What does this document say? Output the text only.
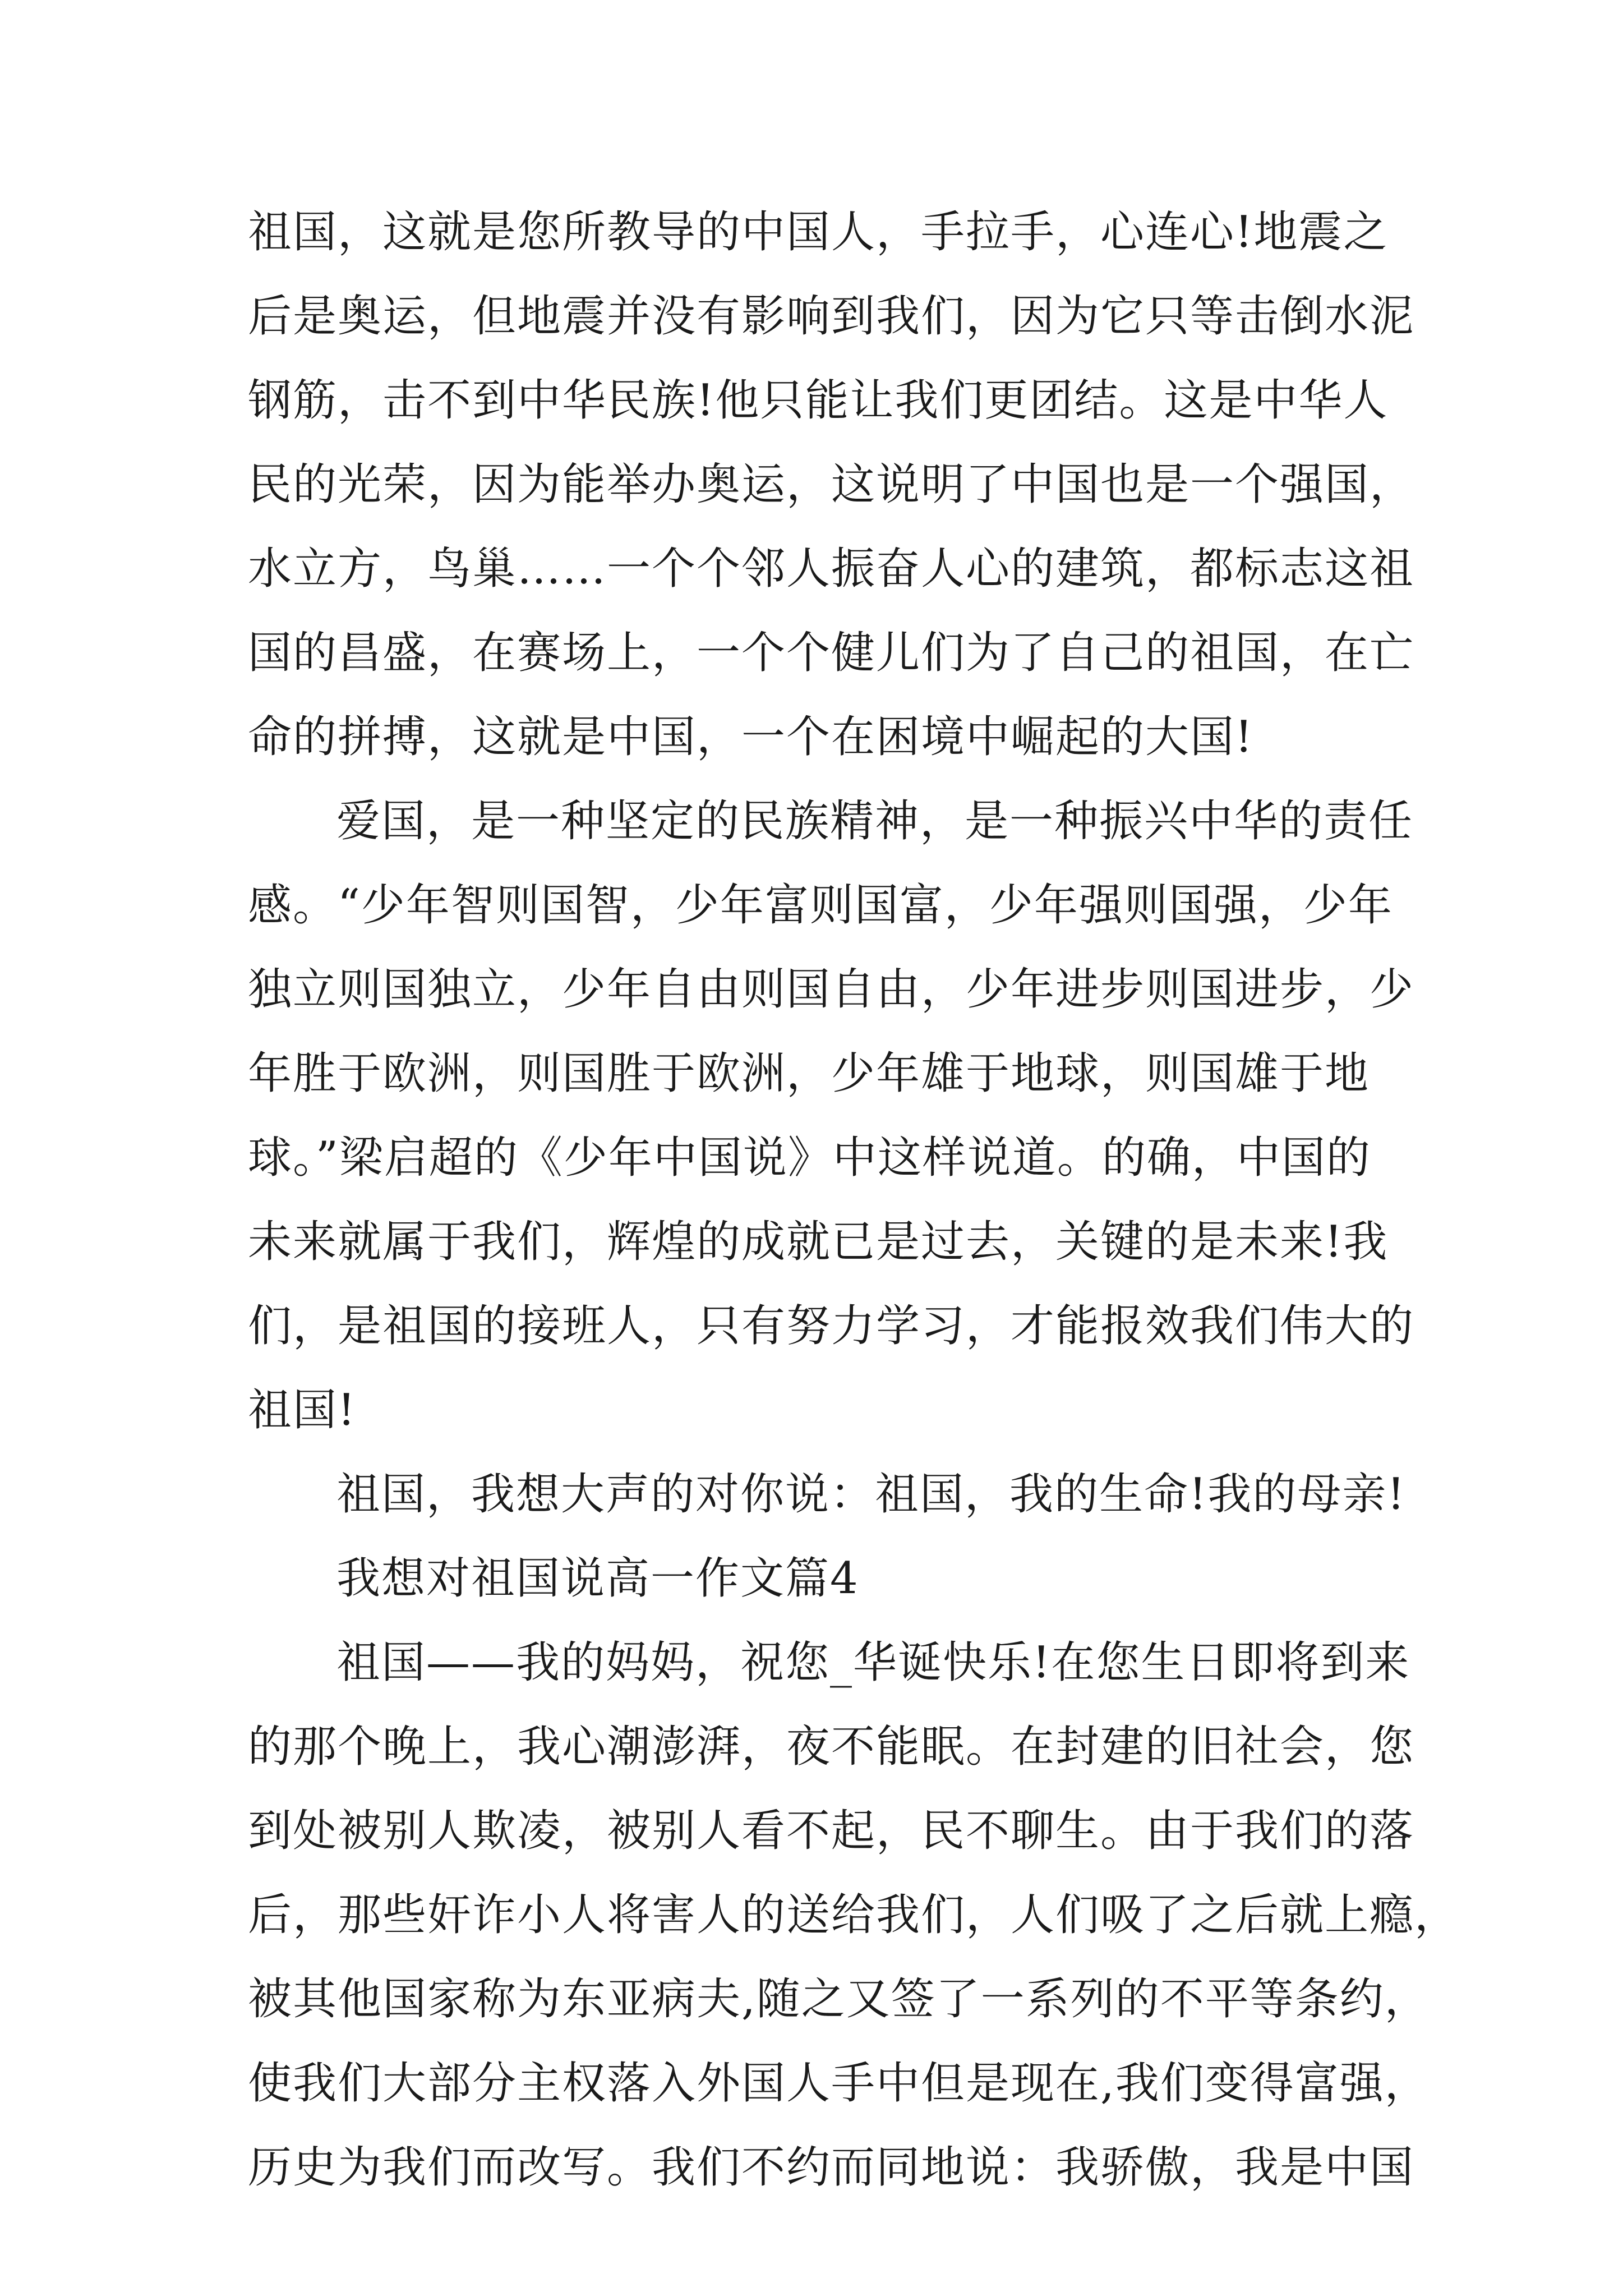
祖国，这就是您所教导的中国人，手拉手，心连心!地震之
后是奥运，但地震并没有影响到我们，因为它只等击倒水泥
钢筋，击不到中华民族!他只能让我们更团结。这是中华人
民的光荣，因为能举办奥运，这说明了中国也是一个强国，
水立方，鸟巢……一个个邻人振奋人心的建筑，都标志这祖
国的昌盛，在赛场上，一个个健儿们为了自己的祖国，在亡
命的拼搏，这就是中国，一个在困境中崛起的大国!
爱国，是一种坚定的民族精神，是一种振兴中华的责任
感。“少年智则国智，少年富则国富，少年强则国强，少年
独立则国独立，少年自由则国自由，少年进步则国进步，少
年胜于欧洲，则国胜于欧洲，少年雄于地球，则国雄于地
球。”梁启超的《少年中国说》中这样说道。的确，中国的
未来就属于我们，辉煌的成就已是过去，关键的是未来!我
们，是祖国的接班人，只有努力学习，才能报效我们伟大的
祖国!
祖国，我想大声的对你说：祖国，我的生命!我的母亲!
我想对祖国说高一作文篇4
祖国——我的妈妈，祝您_华诞快乐!在您生日即将到来
的那个晚上，我心潮澎湃，夜不能眠。在封建的旧社会，您
到处被别人欺凌，被别人看不起，民不聊生。由于我们的落
后，那些奸诈小人将害人的送给我们，人们吸了之后就上瘾，
被其他国家称为东亚病夫,随之又签了一系列的不平等条约，
使我们大部分主权落入外国人手中但是现在,我们变得富强，
历史为我们而改写。我们不约而同地说：我骄傲，我是中国
